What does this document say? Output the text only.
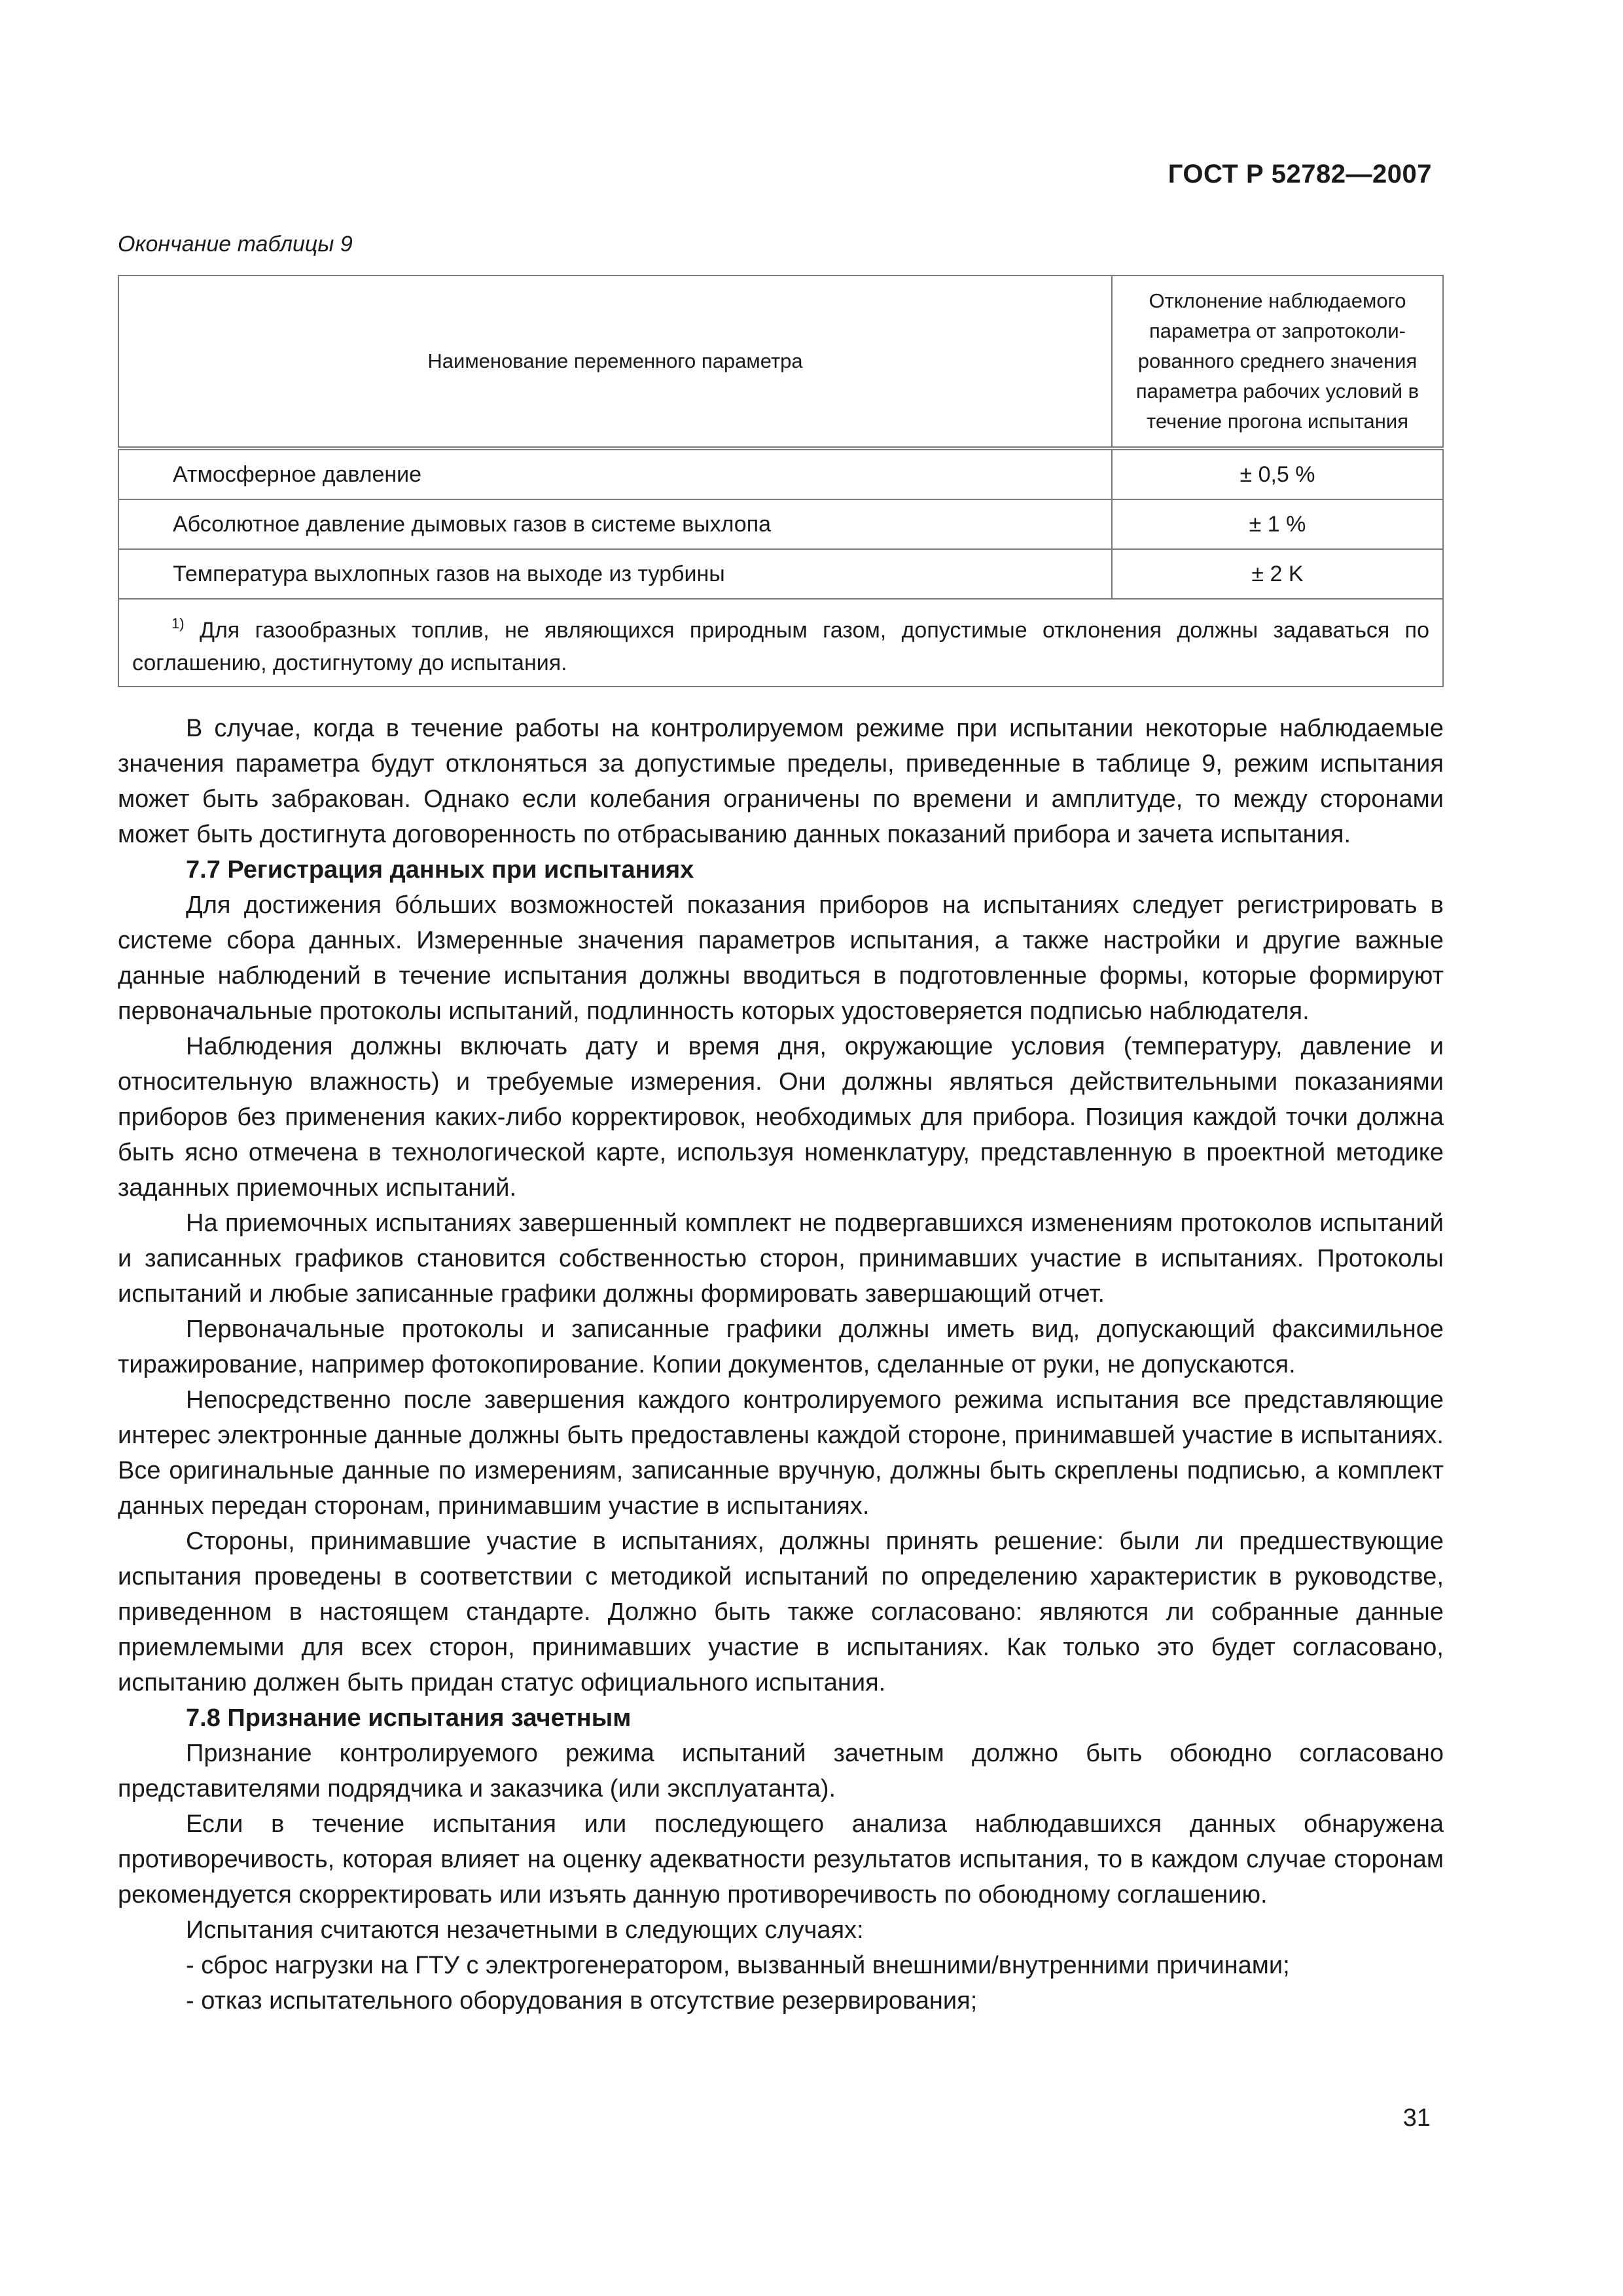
ГОСТ Р 52782—2007
Окончание таблицы 9
Наименование переменного параметра	Отклонение наблюдаемого параметра от запротоколи-рованного среднего значения параметра рабочих условий в течение прогона испытания
Атмосферное давление	± 0,5 %
Абсолютное давление дымовых газов в системе выхлопа	± 1 %
Температура выхлопных газов на выходе из турбины	± 2 K
$^{1)}$ Для газообразных топлив, не являющихся природным газом, допустимые отклонения должны задаваться по соглашению, достигнутому до испытания.	

В случае, когда в течение работы на контролируемом режиме при испытании некоторые наблюдаемые значения параметра будут отклоняться за допустимые пределы, приведенные в таблице 9, режим испытания может быть забракован. Однако если колебания ограничены по времени и амплитуде, то между сторонами может быть достигнута договоренность по отбрасыванию данных показаний прибора и зачета испытания.

7.7 Регистрация данных при испытаниях

Для достижения бóльших возможностей показания приборов на испытаниях следует регистрировать в системе сбора данных. Измеренные значения параметров испытания, а также настройки и другие важные данные наблюдений в течение испытания должны вводиться в подготовленные формы, которые формируют первоначальные протоколы испытаний, подлинность которых удостоверяется подписью наблюдателя.

Наблюдения должны включать дату и время дня, окружающие условия (температуру, давление и относительную влажность) и требуемые измерения. Они должны являться действительными показаниями приборов без применения каких-либо корректировок, необходимых для прибора. Позиция каждой точки должна быть ясно отмечена в технологической карте, используя номенклатуру, представленную в проектной методике заданных приемочных испытаний.

На приемочных испытаниях завершенный комплект не подвергавшихся изменениям протоколов испытаний и записанных графиков становится собственностью сторон, принимавших участие в испытаниях. Протоколы испытаний и любые записанные графики должны формировать завершающий отчет.

Первоначальные протоколы и записанные графики должны иметь вид, допускающий факсимильное тиражирование, например фотокопирование. Копии документов, сделанные от руки, не допускаются.

Непосредственно после завершения каждого контролируемого режима испытания все представляющие интерес электронные данные должны быть предоставлены каждой стороне, принимавшей участие в испытаниях. Все оригинальные данные по измерениям, записанные вручную, должны быть скреплены подписью, а комплект данных передан сторонам, принимавшим участие в испытаниях.

Стороны, принимавшие участие в испытаниях, должны принять решение: были ли предшествующие испытания проведены в соответствии с методикой испытаний по определению характеристик в руководстве, приведенном в настоящем стандарте. Должно быть также согласовано: являются ли собранные данные приемлемыми для всех сторон, принимавших участие в испытаниях. Как только это будет согласовано, испытанию должен быть придан статус официального испытания.

7.8 Признание испытания зачетным

Признание контролируемого режима испытаний зачетным должно быть обоюдно согласовано представителями подрядчика и заказчика (или эксплуатанта).

Если в течение испытания или последующего анализа наблюдавшихся данных обнаружена противоречивость, которая влияет на оценку адекватности результатов испытания, то в каждом случае сторонам рекомендуется скорректировать или изъять данную противоречивость по обоюдному соглашению.

Испытания считаются незачетными в следующих случаях:

- сброс нагрузки на ГТУ с электрогенератором, вызванный внешними/внутренними причинами;

- отказ испытательного оборудования в отсутствие резервирования;

31
